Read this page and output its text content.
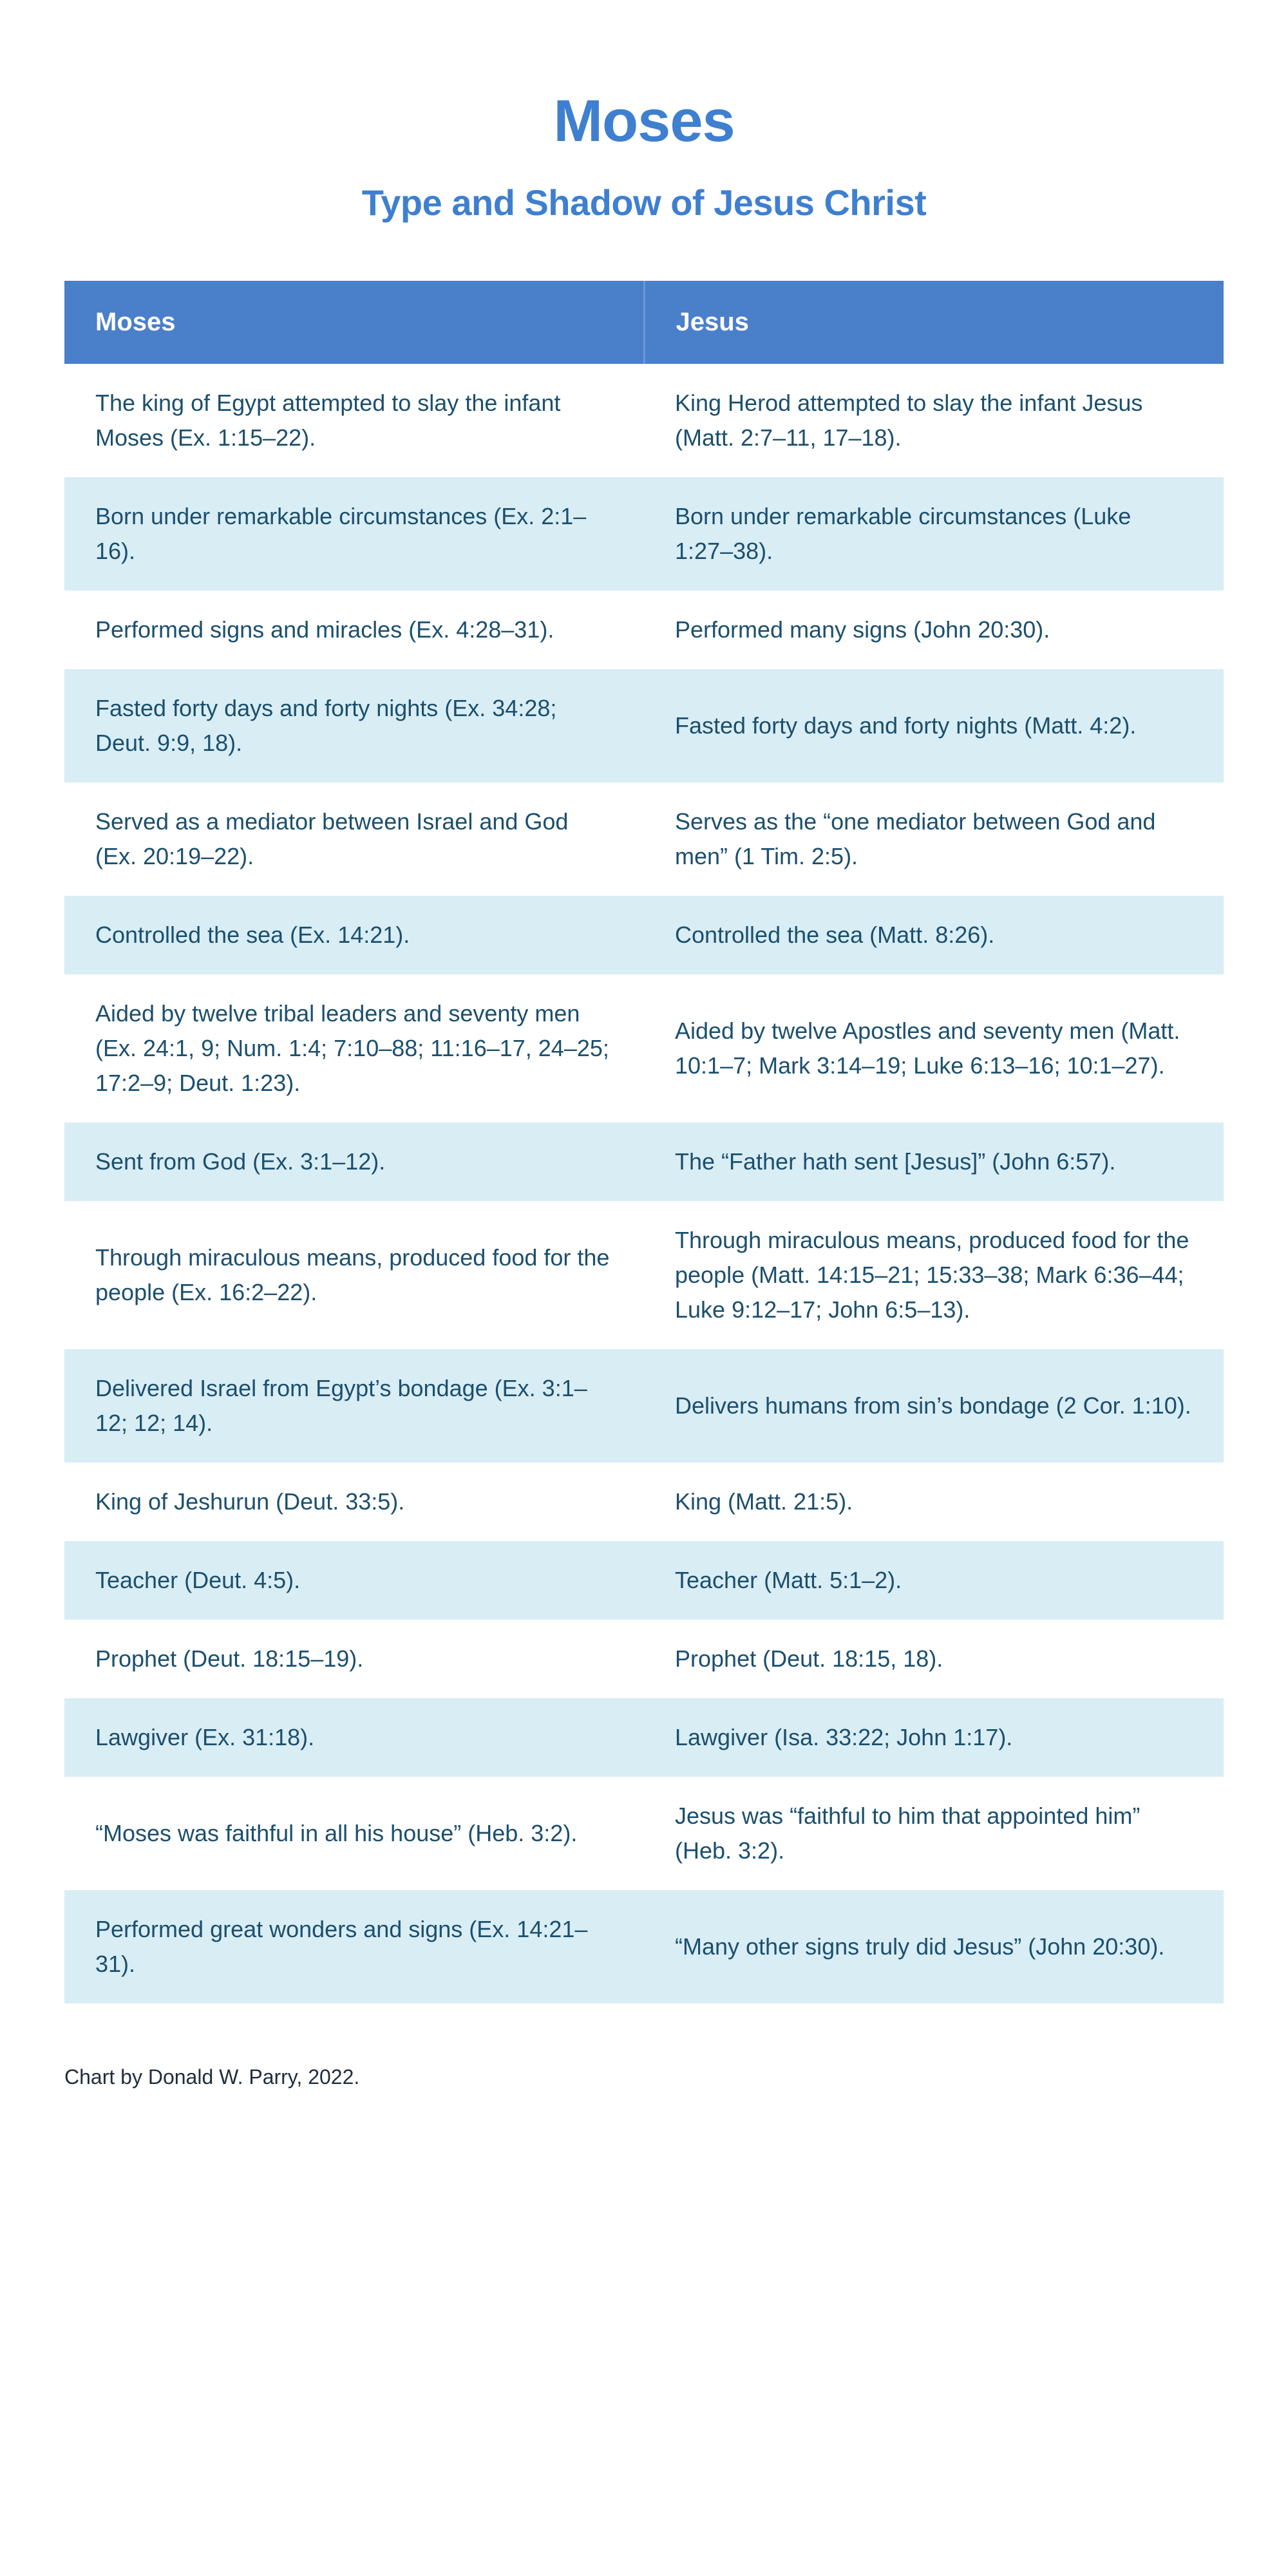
Moses
Type and Shadow of Jesus Christ
Moses	Jesus
The king of Egypt attempted to slay the infant Moses (Ex. 1:15–22).	King Herod attempted to slay the infant Jesus (Matt. 2:7–11, 17–18).
Born under remarkable circumstances (Ex. 2:1–16).	Born under remarkable circumstances (Luke 1:27–38).
Performed signs and miracles (Ex. 4:28–31).	Performed many signs (John 20:30).
Fasted forty days and forty nights (Ex. 34:28; Deut. 9:9, 18).	Fasted forty days and forty nights (Matt. 4:2).
Served as a mediator between Israel and God (Ex. 20:19–22).	Serves as the “one mediator between God and men” (1 Tim. 2:5).
Controlled the sea (Ex. 14:21).	Controlled the sea (Matt. 8:26).
Aided by twelve tribal leaders and seventy men (Ex. 24:1, 9; Num. 1:4; 7:10–88; 11:16–17, 24–25; 17:2–9; Deut. 1:23).	Aided by twelve Apostles and seventy men (Matt. 10:1–7; Mark 3:14–19; Luke 6:13–16; 10:1–27).
Sent from God (Ex. 3:1–12).	The “Father hath sent [Jesus]” (John 6:57).
Through miraculous means, produced food for the people (Ex. 16:2–22).	Through miraculous means, produced food for the people (Matt. 14:15–21; 15:33–38; Mark 6:36–44; Luke 9:12–17; John 6:5–13).
Delivered Israel from Egypt’s bondage (Ex. 3:1–12; 12; 14).	Delivers humans from sin’s bondage (2 Cor. 1:10).
King of Jeshurun (Deut. 33:5).	King (Matt. 21:5).
Teacher (Deut. 4:5).	Teacher (Matt. 5:1–2).
Prophet (Deut. 18:15–19).	Prophet (Deut. 18:15, 18).
Lawgiver (Ex. 31:18).	Lawgiver (Isa. 33:22; John 1:17).
“Moses was faithful in all his house” (Heb. 3:2).	Jesus was “faithful to him that appointed him” (Heb. 3:2).
Performed great wonders and signs (Ex. 14:21–31).	“Many other signs truly did Jesus” (John 20:30).
Chart by Donald W. Parry, 2022.
